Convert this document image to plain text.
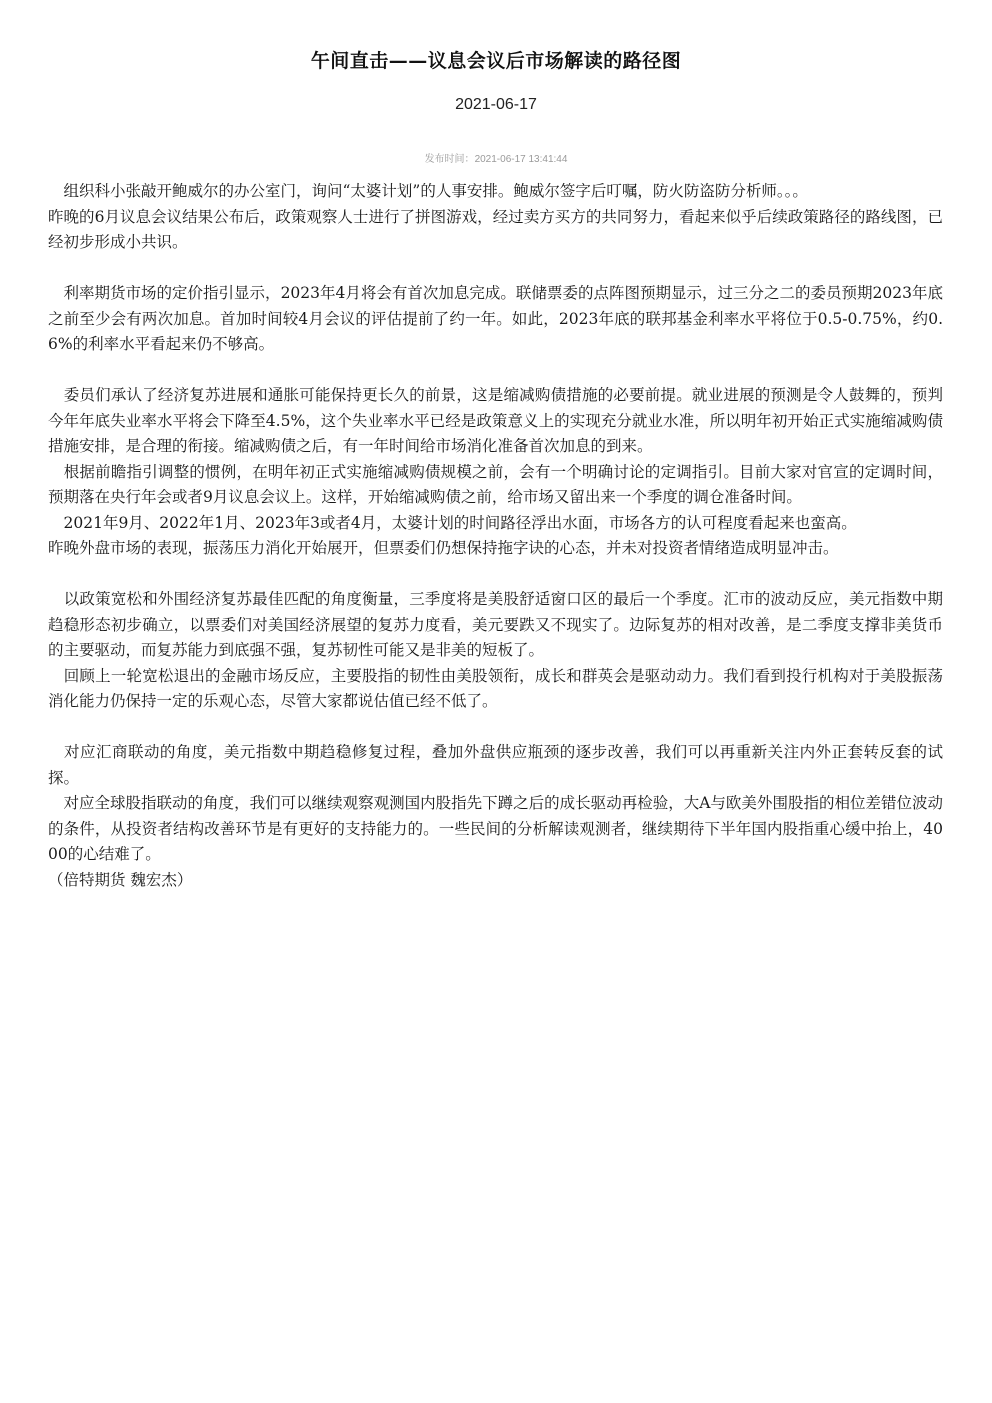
午间直击——议息会议后市场解读的路径图
2021-06-17
发布时间：2021-06-17 13:41:44

　组织科小张敲开鲍威尔的办公室门，询问“太婆计划”的人事安排。鲍威尔签字后叮嘱，防火防盗防分析师。。。

昨晚的6月议息会议结果公布后，政策观察人士进行了拼图游戏，经过卖方买方的共同努力，看起来似乎后续政策路径的路线图，已经初步形成小共识。

　利率期货市场的定价指引显示，2023年4月将会有首次加息完成。联储票委的点阵图预期显示，过三分之二的委员预期2023年底之前至少会有两次加息。首加时间较4月会议的评估提前了约一年。如此，2023年底的联邦基金利率水平将位于0.5-0.75%，约0.6%的利率水平看起来仍不够高。

　委员们承认了经济复苏进展和通胀可能保持更长久的前景，这是缩减购债措施的必要前提。就业进展的预测是令人鼓舞的，预判今年年底失业率水平将会下降至4.5%，这个失业率水平已经是政策意义上的实现充分就业水准，所以明年初开始正式实施缩减购债措施安排，是合理的衔接。缩减购债之后，有一年时间给市场消化准备首次加息的到来。

　根据前瞻指引调整的惯例，在明年初正式实施缩减购债规模之前，会有一个明确讨论的定调指引。目前大家对官宣的定调时间，预期落在央行年会或者9月议息会议上。这样，开始缩减购债之前，给市场又留出来一个季度的调仓准备时间。

　2021年9月、2022年1月、2023年3或者4月，太婆计划的时间路径浮出水面，市场各方的认可程度看起来也蛮高。

昨晚外盘市场的表现，振荡压力消化开始展开，但票委们仍想保持拖字诀的心态，并未对投资者情绪造成明显冲击。

　以政策宽松和外围经济复苏最佳匹配的角度衡量，三季度将是美股舒适窗口区的最后一个季度。汇市的波动反应，美元指数中期趋稳形态初步确立，以票委们对美国经济展望的复苏力度看，美元要跌又不现实了。边际复苏的相对改善，是二季度支撑非美货币的主要驱动，而复苏能力到底强不强，复苏韧性可能又是非美的短板了。

　回顾上一轮宽松退出的金融市场反应，主要股指的韧性由美股领衔，成长和群英会是驱动动力。我们看到投行机构对于美股振荡消化能力仍保持一定的乐观心态，尽管大家都说估值已经不低了。

　对应汇商联动的角度，美元指数中期趋稳修复过程，叠加外盘供应瓶颈的逐步改善，我们可以再重新关注内外正套转反套的试探。

　对应全球股指联动的角度，我们可以继续观察观测国内股指先下蹲之后的成长驱动再检验，大A与欧美外围股指的相位差错位波动的条件，从投资者结构改善环节是有更好的支持能力的。一些民间的分析解读观测者，继续期待下半年国内股指重心缓中抬上，4000的心结难了。

（倍特期货 魏宏杰）
